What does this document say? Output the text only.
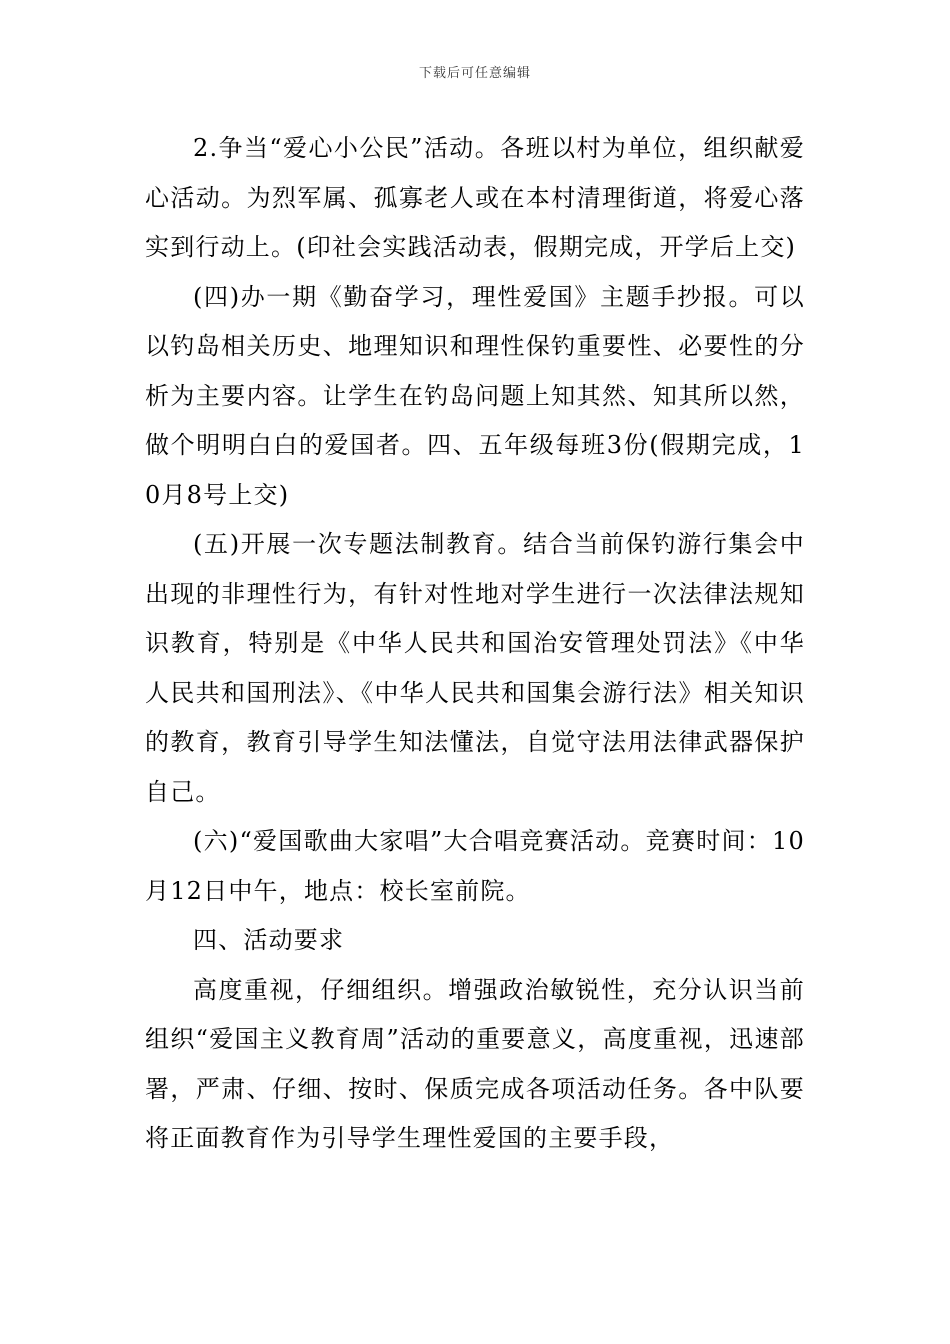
下载后可任意编辑

2.争当“爱心小公民”活动。各班以村为单位，组织献爱心活动。为烈军属、孤寡老人或在本村清理街道，将爱心落实到行动上。(印社会实践活动表，假期完成，开学后上交)

(四)办一期《勤奋学习，理性爱国》主题手抄报。可以以钓岛相关历史、地理知识和理性保钓重要性、必要性的分析为主要内容。让学生在钓岛问题上知其然、知其所以然，做个明明白白的爱国者。四、五年级每班3份(假期完成，10月8号上交)

(五)开展一次专题法制教育。结合当前保钓游行集会中出现的非理性行为，有针对性地对学生进行一次法律法规知识教育，特别是《中华人民共和国治安管理处罚法》《中华人民共和国刑法》、《中华人民共和国集会游行法》相关知识的教育，教育引导学生知法懂法，自觉守法用法律武器保护自己。

(六)“爱国歌曲大家唱”大合唱竞赛活动。竞赛时间：10月12日中午，地点：校长室前院。

四、活动要求

高度重视，仔细组织。增强政治敏锐性，充分认识当前组织“爱国主义教育周”活动的重要意义，高度重视，迅速部署，严肃、仔细、按时、保质完成各项活动任务。各中队要将正面教育作为引导学生理性爱国的主要手段，
